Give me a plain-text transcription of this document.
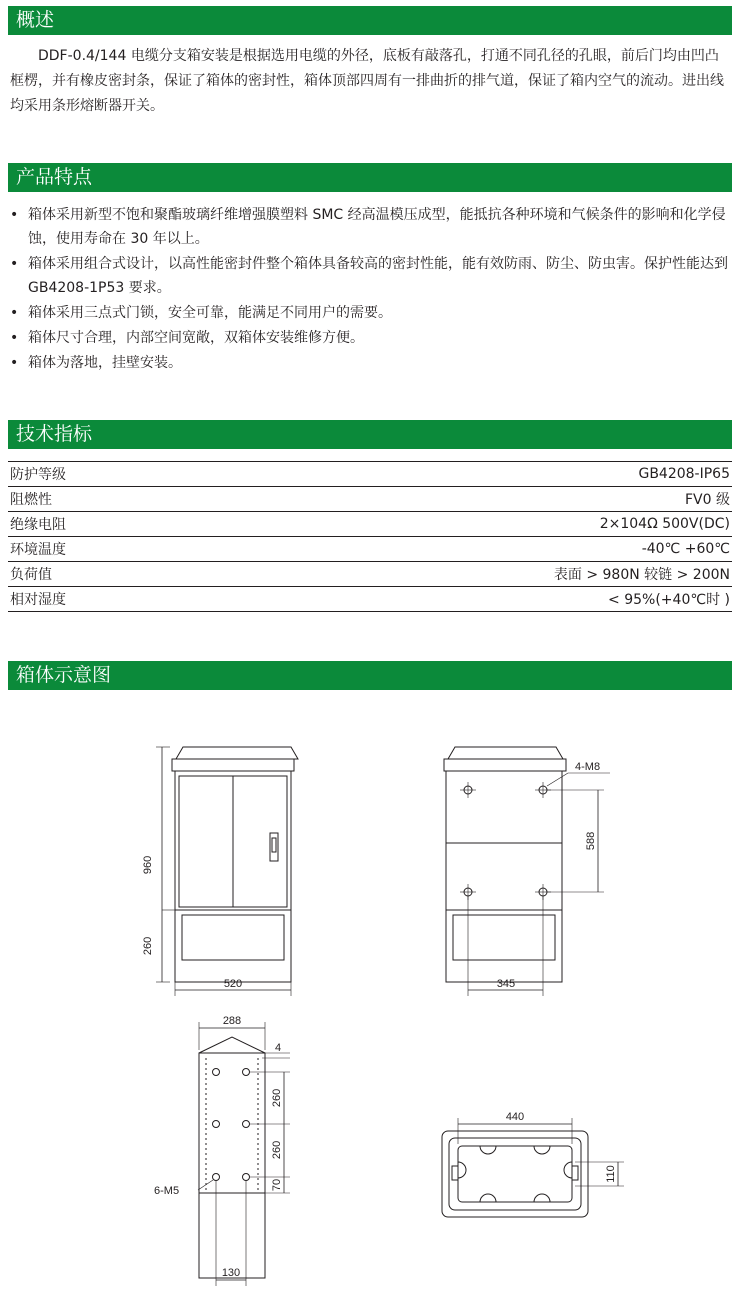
概述

DDF-0.4/144 电缆分支箱安装是根据选用电缆的外径，底板有敲落孔，打通不同孔径的孔眼，前后门均由凹凸框楞，并有橡皮密封条，保证了箱体的密封性，箱体顶部四周有一排曲折的排气道，保证了箱内空气的流动。进出线均采用条形熔断器开关。

产品特点
• 箱体采用新型不饱和聚酯玻璃纤维增强膜塑料 SMC 经高温模压成型，能抵抗各种环境和气候条件的影响和化学侵蚀，使用寿命在 30 年以上。
• 箱体采用组合式设计，以高性能密封件整个箱体具备较高的密封性能，能有效防雨、防尘、防虫害。保护性能达到 GB4208-1P53 要求。
• 箱体采用三点式门锁，安全可靠，能满足不同用户的需要。
• 箱体尺寸合理，内部空间宽敞，双箱体安装维修方便。
• 箱体为落地，挂壁安装。
技术指标
防护等级	GB4208-IP65
阻燃性	FV0 级
绝缘电阻	2×104Ω 500V(DC)
环境温度	-40℃ +60℃
负荷值	表面 > 980N 较链 > 200N
相对湿度	< 95%(+40℃时 )
箱体示意图
960
260
520
4-M8
588
345
288
4
260
260
70
6-M5
130
440
110
